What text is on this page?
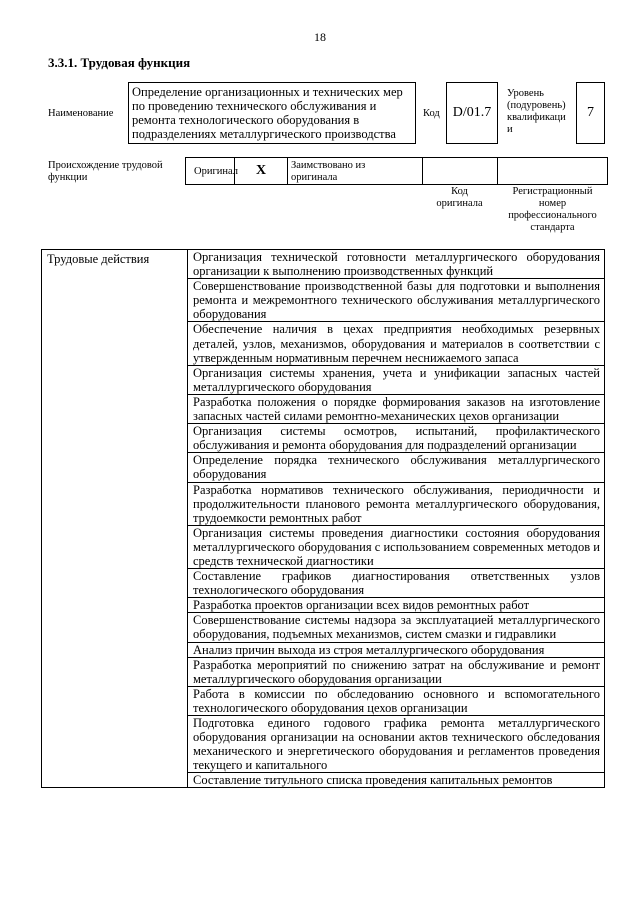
18
3.3.1. Трудовая функция
Наименование
Определение организационных и технических мер по проведению технического обслуживания и ремонта технологического оборудования в подразделениях металлургического производства
Код D/01.7
Уровень
(подуровень)
квалификаци
и
7
Происхождение трудовой
функции
Оригинал X Заимствовано из
оригинала
Код
оригинала
Регистрационный
номер
профессионального
стандарта
Трудовые действия	Организация технической готовности металлургического оборудования организации к выполнению производственных функций
Совершенствование производственной базы для подготовки и выполнения ремонта и межремонтного технического обслуживания металлургического оборудования
Обеспечение наличия в цехах предприятия необходимых резервных деталей, узлов, механизмов, оборудования и материалов в соответствии с утвержденным нормативным перечнем неснижаемого запаса
Организация системы хранения, учета и унификации запасных частей металлургического оборудования
Разработка положения о порядке формирования заказов на изготовление запасных частей силами ремонтно-механических цехов организации
Организация системы осмотров, испытаний, профилактического обслуживания и ремонта оборудования для подразделений организации
Определение порядка технического обслуживания металлургического оборудования
Разработка нормативов технического обслуживания, периодичности и продолжительности планового ремонта металлургического оборудования, трудоемкости ремонтных работ
Организация системы проведения диагностики состояния оборудования металлургического оборудования с использованием современных методов и средств технической диагностики
Составление графиков диагностирования ответственных узлов технологического оборудования
Разработка проектов организации всех видов ремонтных работ
Совершенствование системы надзора за эксплуатацией металлургического оборудования, подъемных механизмов, систем смазки и гидравлики
Анализ причин выхода из строя металлургического оборудования
Разработка мероприятий по снижению затрат на обслуживание и ремонт металлургического оборудования организации
Работа в комиссии по обследованию основного и вспомогательного технологического оборудования цехов организации
Подготовка единого годового графика ремонта металлургического оборудования организации на основании актов технического обследования механического и энергетического оборудования и регламентов проведения текущего и капитального
Составление титульного списка проведения капитальных ремонтов
